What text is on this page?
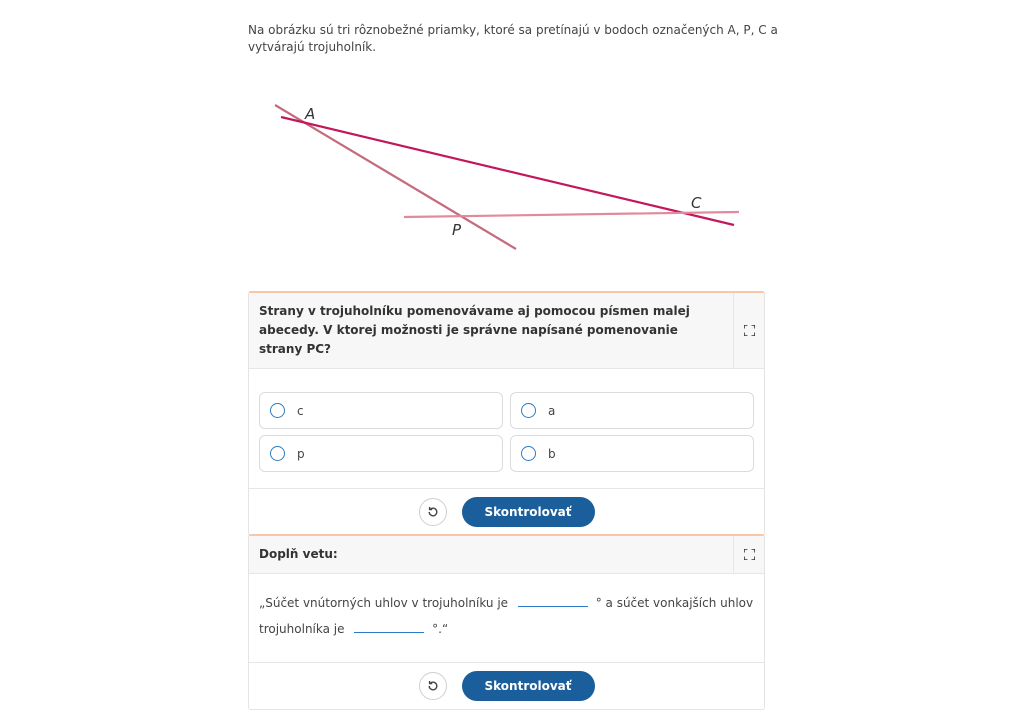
Na obrázku sú tri rôznobežné priamky, ktoré sa pretínajú v bodoch označených A, P, C a vytvárajú trojuholník.
A
C
P
Strany v trojuholníku pomenovávame aj pomocou písmen malej abecedy. V ktorej možnosti je správne napísané pomenovanie strany PC?
c	a
p	b
Skontrolovať
Doplň vetu:
„Súčet vnútorných uhlov v trojuholníku je	° a súčet vonkajších uhlov trojuholníka je	°.“
Skontrolovať
